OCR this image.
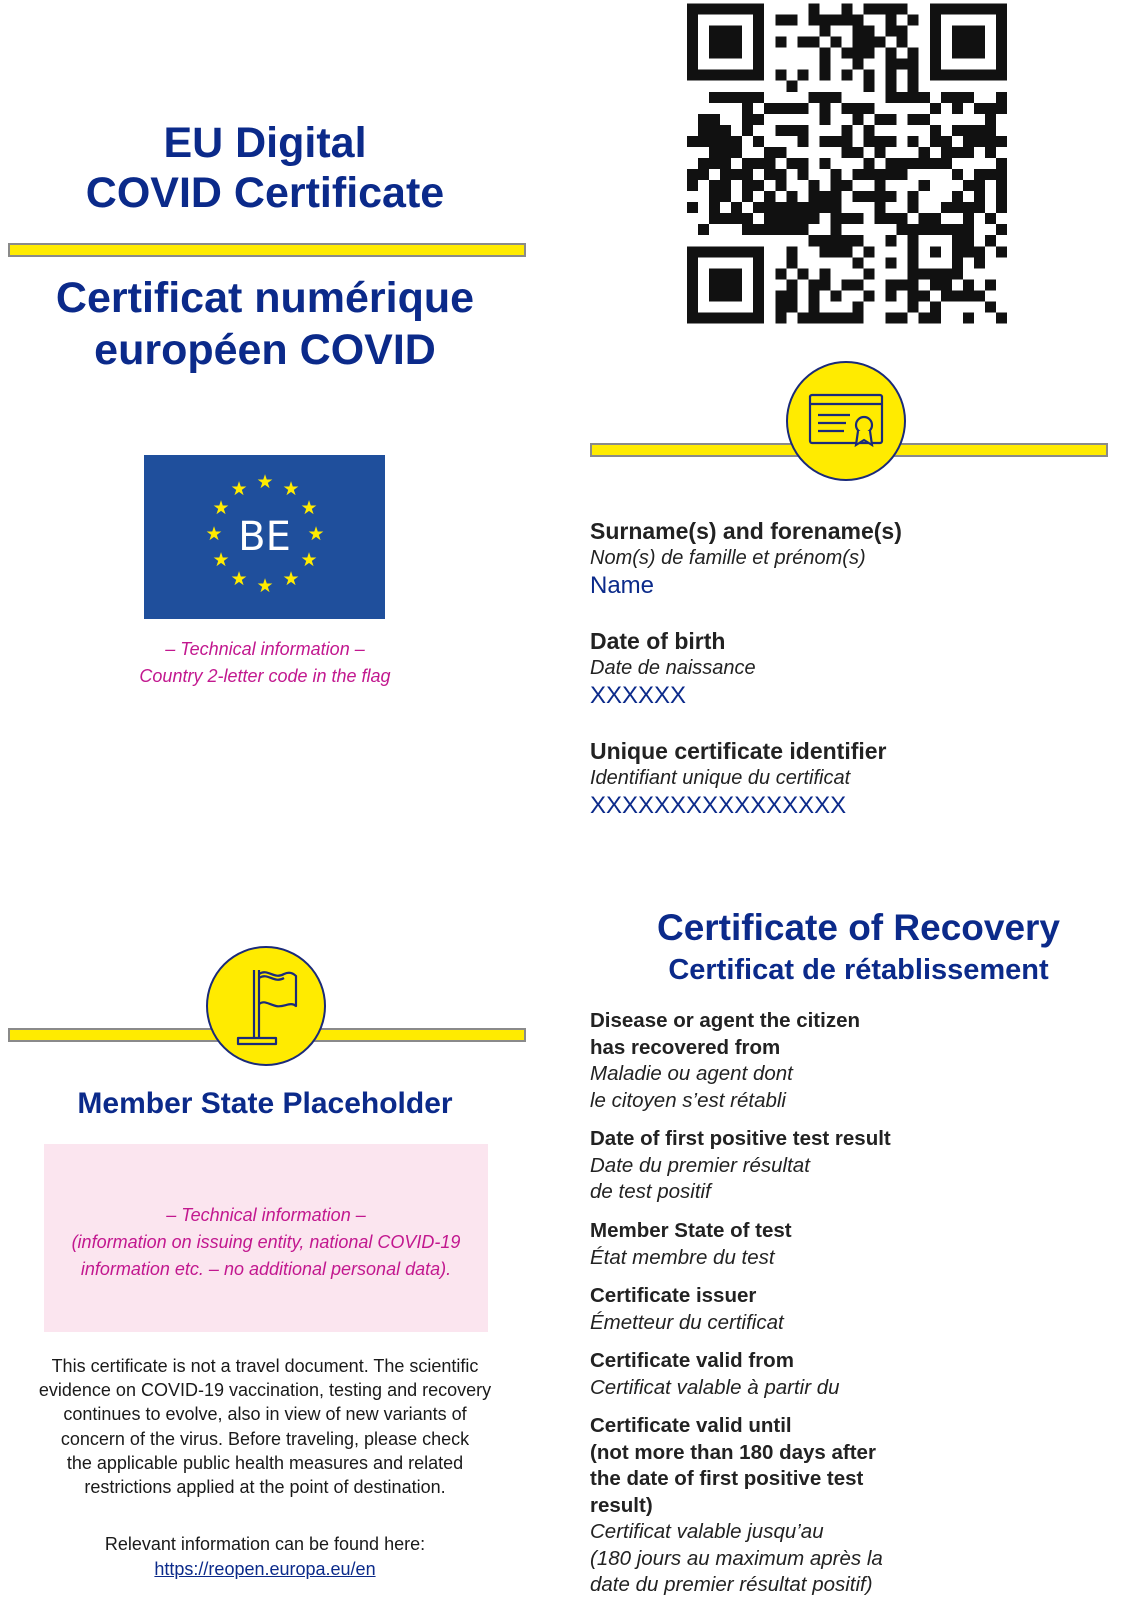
EU Digital
COVID Certificate
Certificat numérique
européen COVID
★ ★
★
★
★
★
★
★
★
★
★
★
BE
– Technical information –
Country 2-letter code in the flag
Surname(s) and forename(s)
Nom(s) de famille et prénom(s)
Name
Date of birth
Date de naissance
XXXXXX
Unique certificate identifier
Identifiant unique du certificat
XXXXXXXXXXXXXXXX
Member State Placeholder
– Technical information –
(information on issuing entity, national COVID-19
information etc. – no additional personal data).
This certificate is not a travel document. The scientific
evidence on COVID-19 vaccination, testing and recovery
continues to evolve, also in view of new variants of
concern of the virus. Before traveling, please check
the applicable public health measures and related
restrictions applied at the point of destination.
Relevant information can be found here:
https://reopen.europa.eu/en
Certificate of Recovery
Certificat de rétablissement
Disease or agent the citizen
has recovered from
Maladie ou agent dont
le citoyen s’est rétabli
Date of first positive test result
Date du premier résultat
de test positif
Member State of test
État membre du test
Certificate issuer
Émetteur du certificat
Certificate valid from
Certificat valable à partir du
Certificate valid until
(not more than 180 days after
the date of first positive test
result)
Certificat valable jusqu’au
(180 jours au maximum après la
date du premier résultat positif)
